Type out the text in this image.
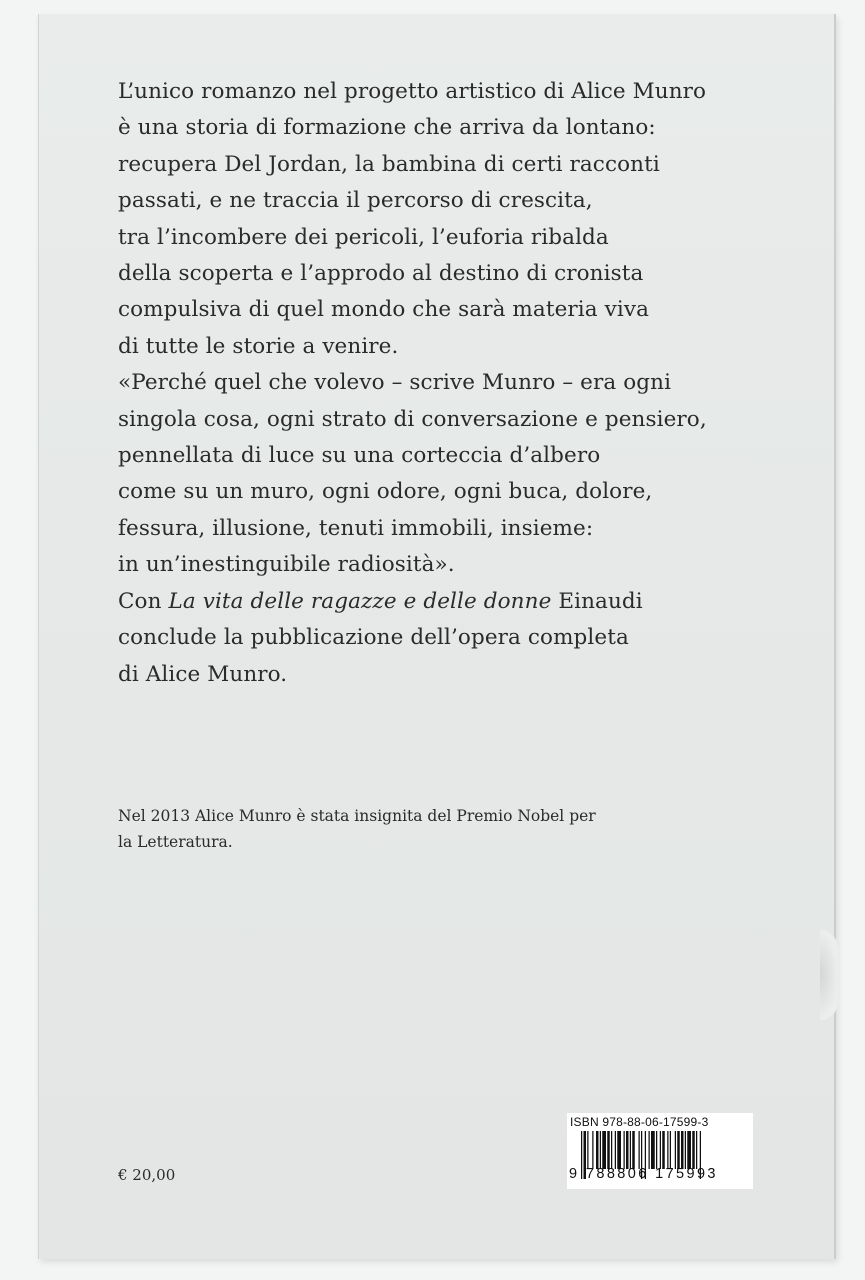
L’unico romanzo nel progetto artistico di Alice Munro
è una storia di formazione che arriva da lontano:
recupera Del Jordan, la bambina di certi racconti
passati, e ne traccia il percorso di crescita,
tra l’incombere dei pericoli, l’euforia ribalda
della scoperta e l’approdo al destino di cronista
compulsiva di quel mondo che sarà materia viva
di tutte le storie a venire.
«Perché quel che volevo – scrive Munro – era ogni
singola cosa, ogni strato di conversazione e pensiero,
pennellata di luce su una corteccia d’albero
come su un muro, ogni odore, ogni buca, dolore,
fessura, illusione, tenuti immobili, insieme:
in un’inestinguibile radiosità».
Con La vita delle ragazze e delle donne Einaudi
conclude la pubblicazione dell’opera completa
di Alice Munro.
Nel 2013 Alice Munro è stata insignita del Premio Nobel per
la Letteratura.
€ 20,00
ISBN 978-88-06-17599-3
9 788806 175993
